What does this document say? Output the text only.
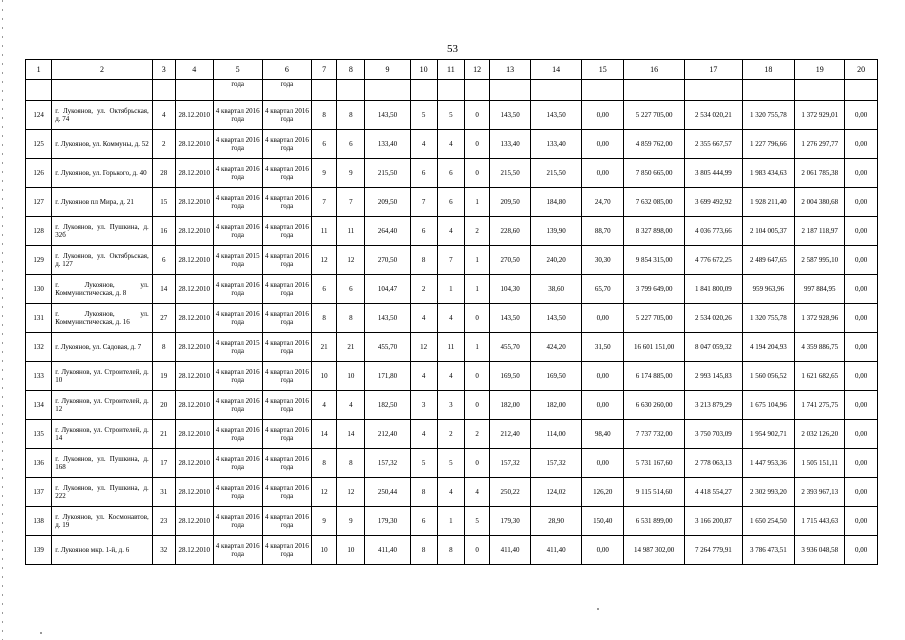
53
1	2	3	4	5	6	7	8	9	10	11	12	13	14	15	16	17	18	19	20
				года	года														
124	г. Лукоянов, ул. Октябрьская, д. 74	4	28.12.2010	4 квартал 2016 года	4 квартал 2016 года	8	8	143,50	5	5	0	143,50	143,50	0,00	5 227 705,00	2 534 020,21	1 320 755,78	1 372 929,01	0,00
125	г. Лукоянов, ул. Коммуны, д. 52	2	28.12.2010	4 квартал 2016 года	4 квартал 2016 года	6	6	133,40	4	4	0	133,40	133,40	0,00	4 859 762,00	2 355 667,57	1 227 796,66	1 276 297,77	0,00
126	г. Лукоянов, ул. Горького, д. 40	28	28.12.2010	4 квартал 2016 года	4 квартал 2016 года	9	9	215,50	6	6	0	215,50	215,50	0,00	7 850 665,00	3 805 444,99	1 983 434,63	2 061 785,38	0,00
127	г. Лукоянов пл Мира, д. 21	15	28.12.2010	4 квартал 2016 года	4 квартал 2016 года	7	7	209,50	7	6	1	209,50	184,80	24,70	7 632 085,00	3 699 492,92	1 928 211,40	2 004 380,68	0,00
128	г. Лукоянов, ул. Пушкина, д. 32б	16	28.12.2010	4 квартал 2016 года	4 квартал 2016 года	11	11	264,40	6	4	2	228,60	139,90	88,70	8 327 898,00	4 036 773,66	2 104 005,37	2 187 118,97	0,00
129	г. Лукоянов, ул. Октябрьская, д. 127	6	28.12.2010	4 квартал 2015 года	4 квартал 2016 года	12	12	270,50	8	7	1	270,50	240,20	30,30	9 854 315,00	4 776 672,25	2 489 647,65	2 587 995,10	0,00
130	г. Лукоянов, ул. Коммунистическая, д. 8	14	28.12.2010	4 квартал 2016 года	4 квартал 2016 года	6	6	104,47	2	1	1	104,30	38,60	65,70	3 799 649,00	1 841 800,09	959 963,96	997 884,95	0,00
131	г. Лукоянов, ул. Коммунистическая, д. 16	27	28.12.2010	4 квартал 2016 года	4 квартал 2016 года	8	8	143,50	4	4	0	143,50	143,50	0,00	5 227 705,00	2 534 020,26	1 320 755,78	1 372 928,96	0,00
132	г. Лукоянов, ул. Садовая, д. 7	8	28.12.2010	4 квартал 2015 года	4 квартал 2016 года	21	21	455,70	12	11	1	455,70	424,20	31,50	16 601 151,00	8 047 059,32	4 194 204,93	4 359 886,75	0,00
133	г. Лукоянов, ул. Строителей, д. 10	19	28.12.2010	4 квартал 2016 года	4 квартал 2016 года	10	10	171,80	4	4	0	169,50	169,50	0,00	6 174 885,00	2 993 145,83	1 560 056,52	1 621 682,65	0,00
134	г. Лукоянов, ул. Строителей, д. 12	20	28.12.2010	4 квартал 2016 года	4 квартал 2016 года	4	4	182,50	3	3	0	182,00	182,00	0,00	6 630 260,00	3 213 879,29	1 675 104,96	1 741 275,75	0,00
135	г. Лукоянов, ул. Строителей, д. 14	21	28.12.2010	4 квартал 2016 года	4 квартал 2016 года	14	14	212,40	4	2	2	212,40	114,00	98,40	7 737 732,00	3 750 703,09	1 954 902,71	2 032 126,20	0,00
136	г. Лукоянов, ул. Пушкина, д. 168	17	28.12.2010	4 квартал 2016 года	4 квартал 2016 года	8	8	157,32	5	5	0	157,32	157,32	0,00	5 731 167,60	2 778 063,13	1 447 953,36	1 505 151,11	0,00
137	г. Лукоянов, ул. Пушкина, д. 222	31	28.12.2010	4 квартал 2016 года	4 квартал 2016 года	12	12	250,44	8	4	4	250,22	124,02	126,20	9 115 514,60	4 418 554,27	2 302 993,20	2 393 967,13	0,00
138	г. Лукоянов, ул. Космонавтов, д. 19	23	28.12.2010	4 квартал 2016 года	4 квартал 2016 года	9	9	179,30	6	1	5	179,30	28,90	150,40	6 531 899,00	3 166 200,87	1 650 254,50	1 715 443,63	0,00
139	г. Лукоянов мкр. 1-й, д. 6	32	28.12.2010	4 квартал 2016 года	4 квартал 2016 года	10	10	411,40	8	8	0	411,40	411,40	0,00	14 987 302,00	7 264 779,91	3 786 473,51	3 936 048,58	0,00
